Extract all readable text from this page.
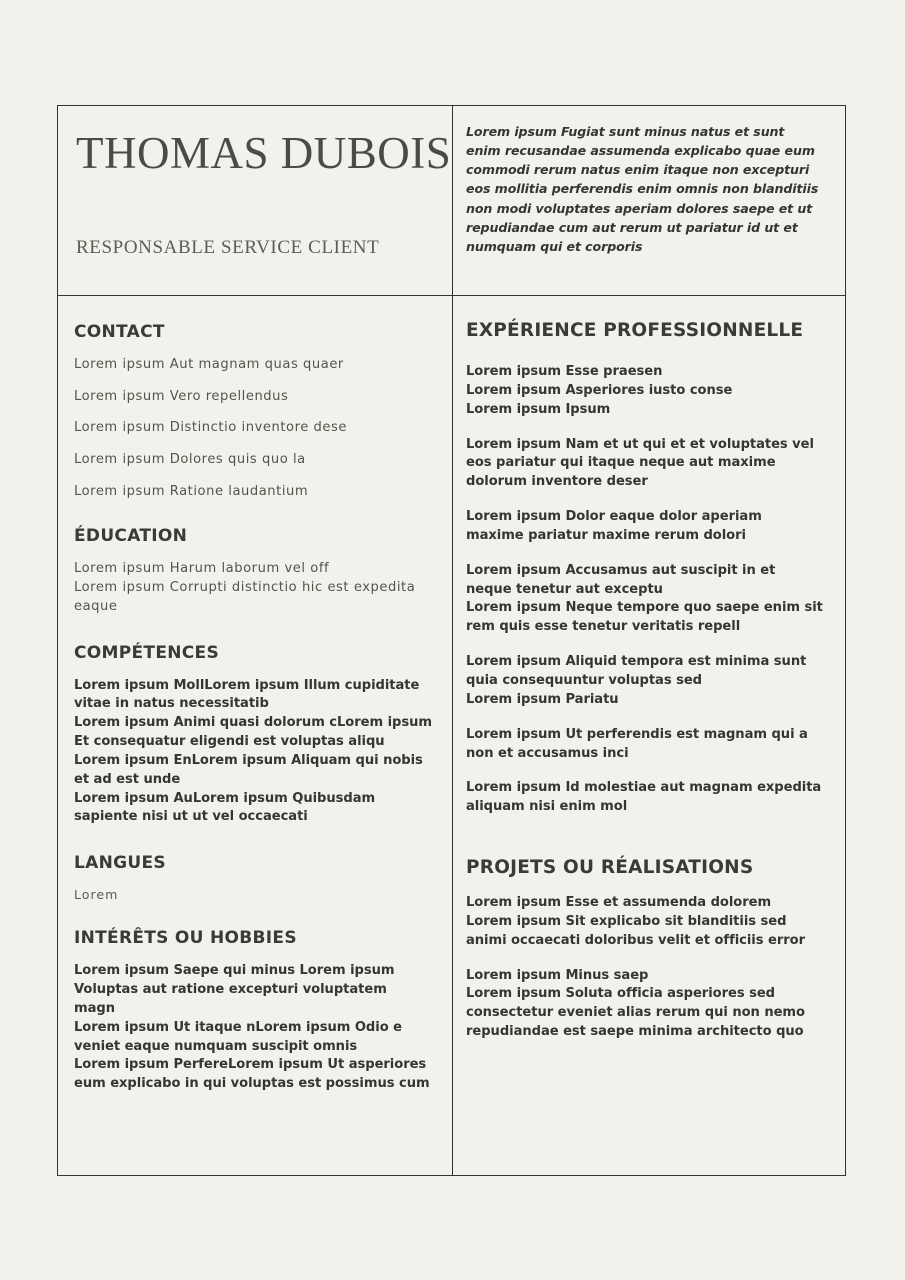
THOMAS DUBOIS
RESPONSABLE SERVICE CLIENT

Lorem ipsum Fugiat sunt minus natus et sunt enim recusandae assumenda explicabo quae eum commodi rerum natus enim itaque non excepturi eos mollitia perferendis enim omnis non blanditiis non modi voluptates aperiam dolores saepe et ut repudiandae cum aut rerum ut pariatur id ut et numquam qui et corporis

CONTACT
Lorem ipsum Aut magnam quas quaer
Lorem ipsum Vero repellendus
Lorem ipsum Distinctio inventore dese
Lorem ipsum Dolores quis quo la
Lorem ipsum Ratione laudantium
ÉDUCATION
Lorem ipsum Harum laborum vel off
Lorem ipsum Corrupti distinctio hic est expedita eaque
COMPÉTENCES
Lorem ipsum MollLorem ipsum Illum cupiditate vitae in natus necessitatib
Lorem ipsum Animi quasi dolorum cLorem ipsum Et consequatur eligendi est voluptas aliqu
Lorem ipsum EnLorem ipsum Aliquam qui nobis et ad est unde
Lorem ipsum AuLorem ipsum Quibusdam sapiente nisi ut ut vel occaecati
LANGUES
Lorem
INTÉRÊTS OU HOBBIES
Lorem ipsum Saepe qui minus Lorem ipsum Voluptas aut ratione excepturi voluptatem magn
Lorem ipsum Ut itaque nLorem ipsum Odio e veniet eaque numquam suscipit omnis
Lorem ipsum PerfereLorem ipsum Ut asperiores eum explicabo in qui voluptas est possimus cum
EXPÉRIENCE PROFESSIONNELLE
Lorem ipsum Esse praesen
Lorem ipsum Asperiores iusto conse
Lorem ipsum Ipsum
Lorem ipsum Nam et ut qui et et voluptates vel eos pariatur qui itaque neque aut maxime dolorum inventore deser
Lorem ipsum Dolor eaque dolor aperiam maxime pariatur maxime rerum dolori
Lorem ipsum Accusamus aut suscipit in et neque tenetur aut exceptu
Lorem ipsum Neque tempore quo saepe enim sit rem quis esse tenetur veritatis repell
Lorem ipsum Aliquid tempora est minima sunt quia consequuntur voluptas sed
Lorem ipsum Pariatu
Lorem ipsum Ut perferendis est magnam qui a non et accusamus inci
Lorem ipsum Id molestiae aut magnam expedita aliquam nisi enim mol
PROJETS OU RÉALISATIONS
Lorem ipsum Esse et assumenda dolorem
Lorem ipsum Sit explicabo sit blanditiis sed animi occaecati doloribus velit et officiis error
Lorem ipsum Minus saep
Lorem ipsum Soluta officia asperiores sed consectetur eveniet alias rerum qui non nemo repudiandae est saepe minima architecto quo
